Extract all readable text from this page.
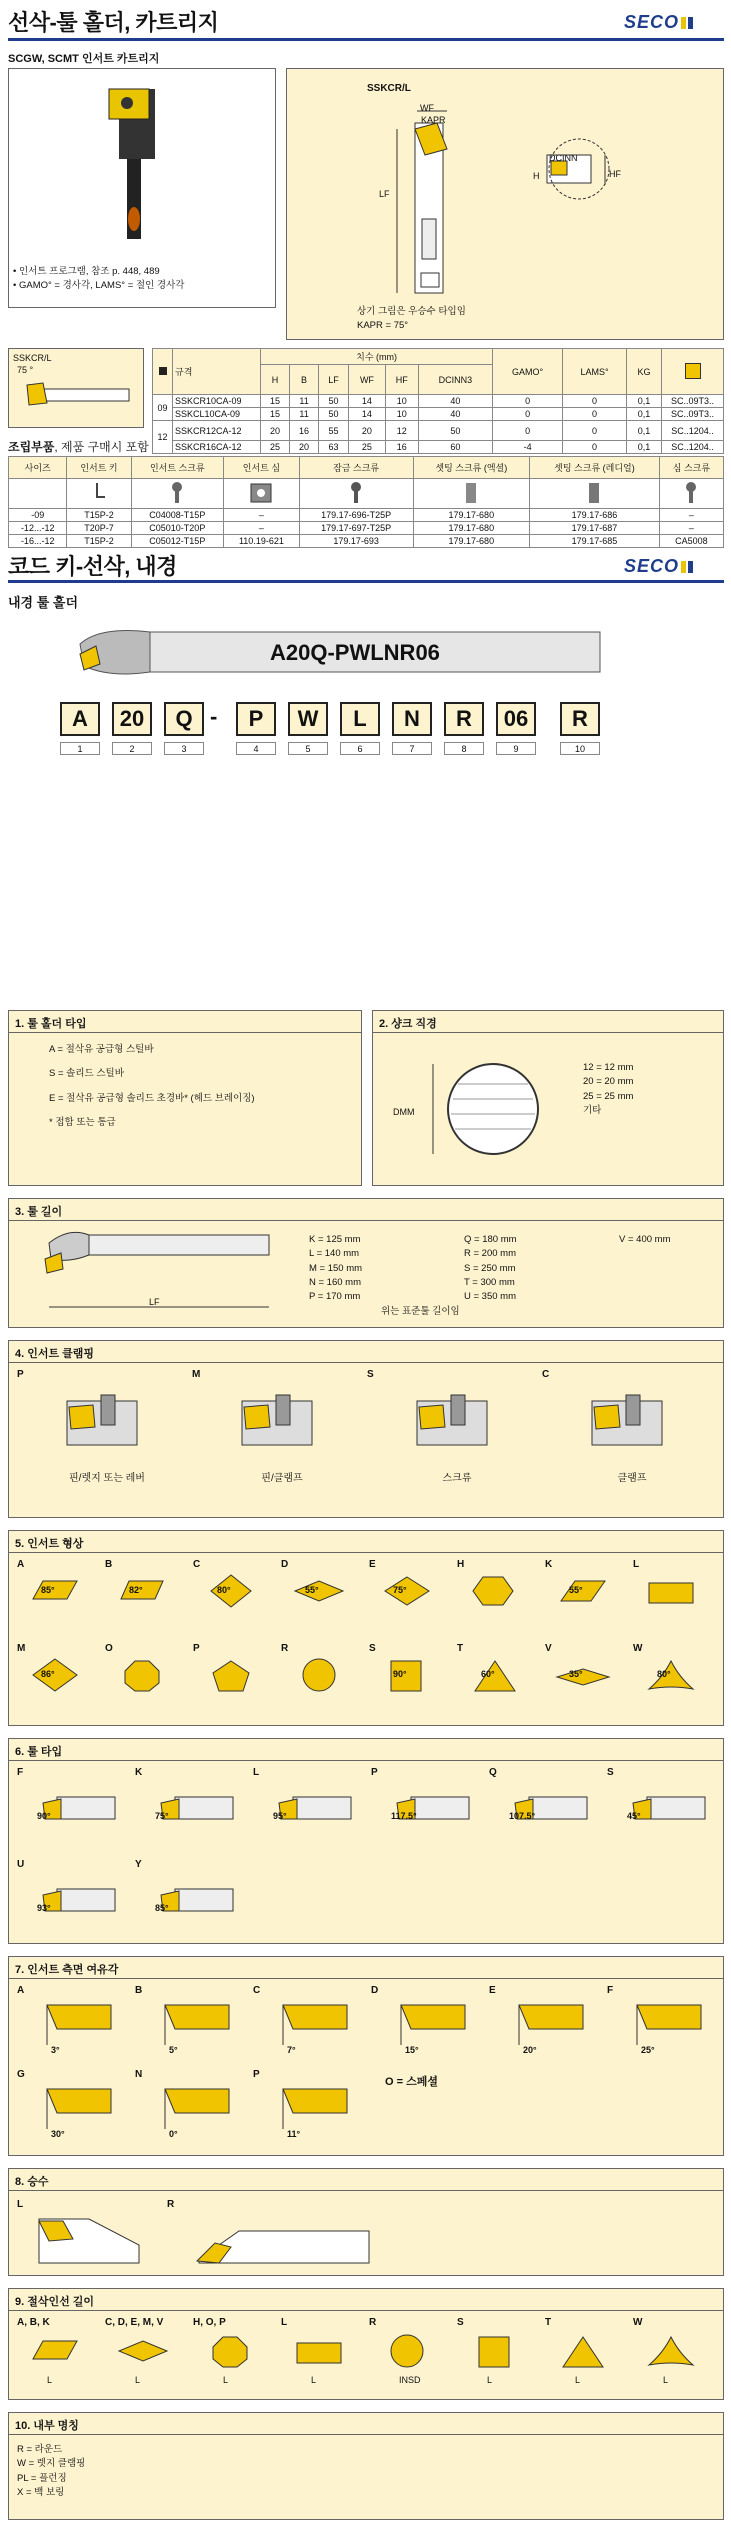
선삭-툴 홀더, 카트리지	SECO
SCGW, SCMT 인서트 카트리지
• 인서트 프로그램, 참조 p. 448, 489
• GAMO° = 경사각, LAMS° = 절인 경사각
SSKCR/L
WF
KAPR
LF
DCINN
H	HF
상기 그림은 우승수 타입임
KAPR = 75°
SSKCR/L
75 °
		규격	치수 (mm)						GAMO°	LAMS°	KG	
		H	B	LF	WF	HF	DCINN3				
09	SSKCR10CA-09	15	11	50	14	10	40	0	0	0,1	SC..09T3..
	SSKCL10CA-09	15	11	50	14	10	40	0	0	0,1	SC..09T3..
12	SSKCR12CA-12	20	16	55	20	12	50	0	0	0,1	SC..1204..
	SSKCR16CA-12	25	20	63	25	16	60	-4	0	0,1	SC..1204..
조립부품, 제품 구매시 포함
사이즈	인서트 키	인서트 스크류	인서트 심	잠금 스크류	셋팅 스크류 (엑셜)	셋팅 스크류 (레디얼)	심 스크류

-09	T15P-2	C04008-T15P	–	179.17-696-T25P	179.17-680	179.17-686	–
-12...-12	T20P-7	C05010-T20P	–	179.17-697-T25P	179.17-680	179.17-687	–
-16...-12	T15P-2	C05012-T15P	110.19-621	179.17-693	179.17-680	179.17-685	CA5008
코드 키-선삭, 내경	SECO
내경 툴 홀더
A20Q-PWLNR06
A
1
20
2
Q
3
P
4
W
5
L
6
N
7
R
8
06
9
R
10
-
1. 툴 홀더 타입
A = 절삭유 공급형 스틸바
S = 솔리드 스틸바
E = 절삭유 공급형 솔리드 초경바* (헤드 브레이징)
* 접합 또는 통급
2. 샹크 직경
DMM
12 = 12 mm
20 = 20 mm
25 = 25 mm
기타
3. 툴 길이
LF
K = 125 mm
L = 140 mm
M = 150 mm
N = 160 mm
P = 170 mm
Q = 180 mm
R = 200 mm
S = 250 mm
T = 300 mm
U = 350 mm
V = 400 mm
위는 표준툴 길이임
4. 인서트 클램핑
P
핀/렛지 또는 레버
M
핀/클램프
S
스크류
C
클램프
5. 인서트 형상
A
85°
B
82°
C
80°
D
55°
E
75°
H	K
55°
L
M
86°
O	P	R	S
90°
T
60°
V
35°
W
80°
6. 툴 타입
F
90°
K
75°
L
95°
P
117.5°
Q
107.5°
S
45°
U
93°
Y
85°
7. 인서트 측면 여유각
A
3°
B
5°
C
7°
D
15°
E
20°
F
25°
G
30°
N
0°
P
11°
O = 스페셜
8. 승수
L	R
9. 절삭인선 길이
A, B, K
L
C, D, E, M, V
L
H, O, P
L
L
L
R
INSD
S
L
T
L
W
L
10. 내부 명칭
R = 라운드
W = 렛지 클램핑
PL = 플런징
X = 백 보링
